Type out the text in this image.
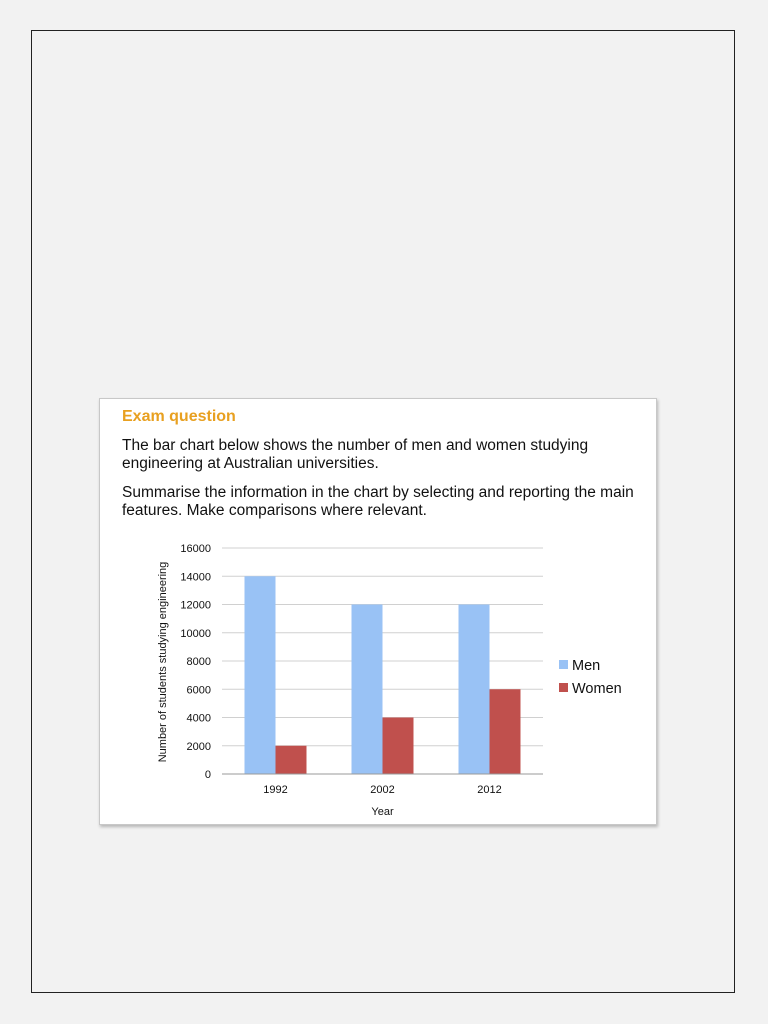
Exam question

The bar chart below shows the number of men and women studying engineering at Australian universities.

Summarise the information in the chart by selecting and reporting the main features. Make comparisons where relevant.

0
2000
4000
6000
8000
10000
12000
14000
16000
1992	2002	2012
Year
Number of students studying engineering	Men
Women
